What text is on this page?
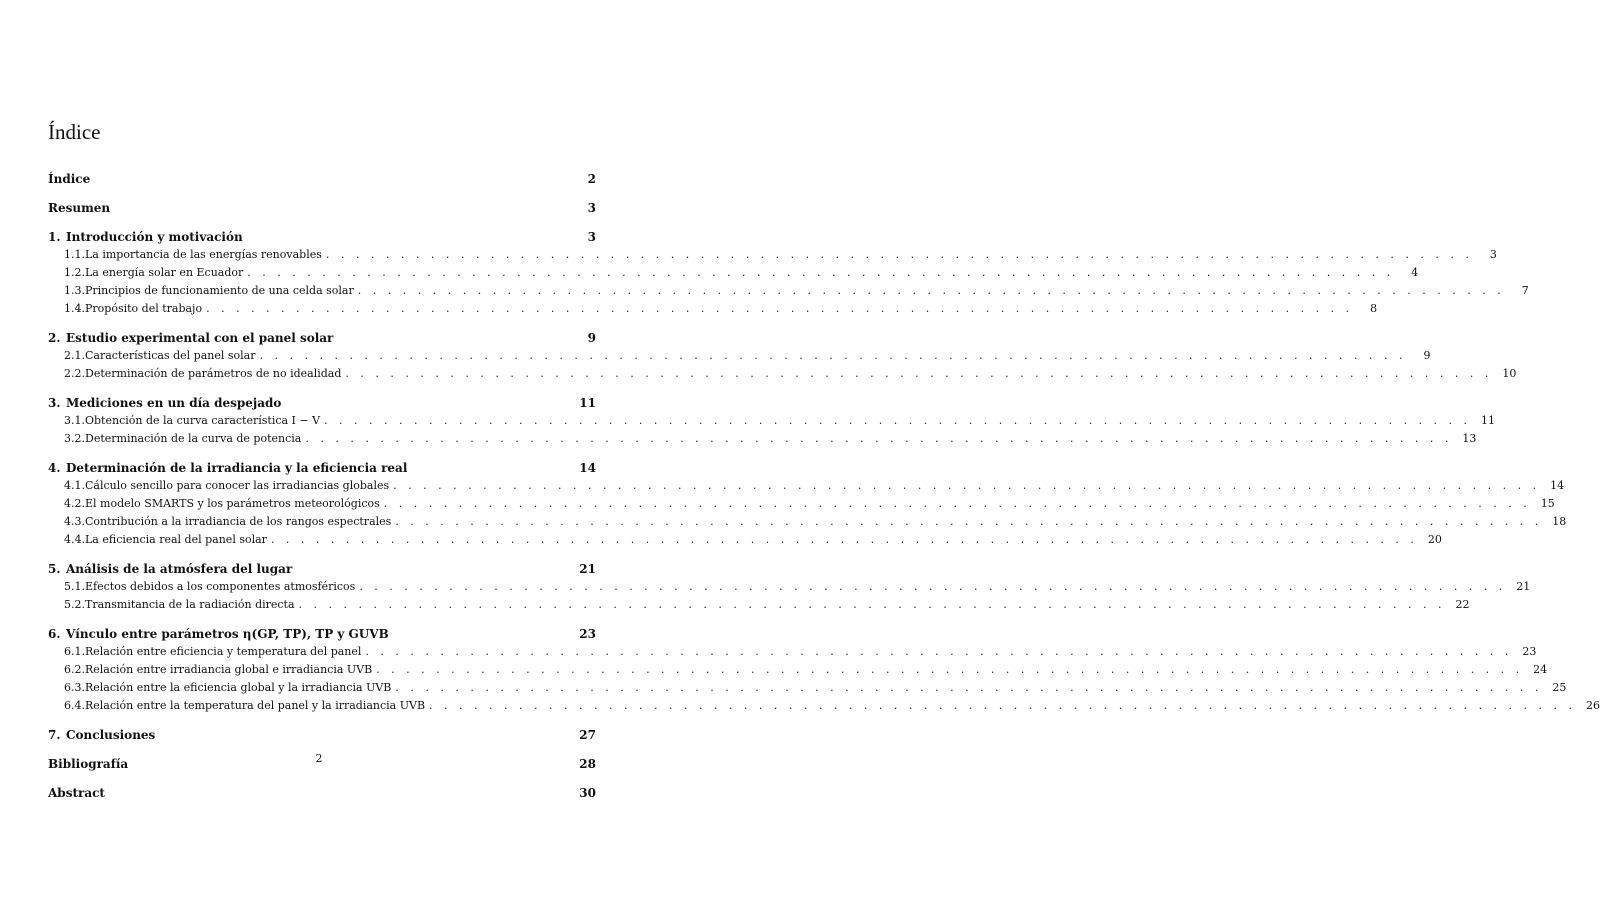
Índice
Índice	2
Resumen	3
1. Introducción y motivación	3
1.1. La importancia de las energías renovables . . . . . . . . . . . . . . . . . . . . . . . . . . . . . . . . . . . . . . . . . . . . . . . . . . . . . . . . . . . . . . . . . . . . . . . . . . . . .	3
1.2. La energía solar en Ecuador . . . . . . . . . . . . . . . . . . . . . . . . . . . . . . . . . . . . . . . . . . . . . . . . . . . . . . . . . . . . . . . . . . . . . . . . . . . . .	4
1.3. Principios de funcionamiento de una celda solar . . . . . . . . . . . . . . . . . . . . . . . . . . . . . . . . . . . . . . . . . . . . . . . . . . . . . . . . . . . . . . . . . . . . . . . . . . . . .	7
1.4. Propósito del trabajo . . . . . . . . . . . . . . . . . . . . . . . . . . . . . . . . . . . . . . . . . . . . . . . . . . . . . . . . . . . . . . . . . . . . . . . . . . . . .	8
2. Estudio experimental con el panel solar	9
2.1. Características del panel solar . . . . . . . . . . . . . . . . . . . . . . . . . . . . . . . . . . . . . . . . . . . . . . . . . . . . . . . . . . . . . . . . . . . . . . . . . . . . .	9
2.2. Determinación de parámetros de no idealidad . . . . . . . . . . . . . . . . . . . . . . . . . . . . . . . . . . . . . . . . . . . . . . . . . . . . . . . . . . . . . . . . . . . . . . . . . . . . . 10
3. Mediciones en un día despejado	11
3.1. Obtención de la curva característica I − V . . . . . . . . . . . . . . . . . . . . . . . . . . . . . . . . . . . . . . . . . . . . . . . . . . . . . . . . . . . . . . . . . . . . . . . . . . . . . 11
3.2. Determinación de la curva de potencia . . . . . . . . . . . . . . . . . . . . . . . . . . . . . . . . . . . . . . . . . . . . . . . . . . . . . . . . . . . . . . . . . . . . . . . . . . . . . 13
4. Determinación de la irradiancia y la eficiencia real	14
4.1. Cálculo sencillo para conocer las irradiancias globales . . . . . . . . . . . . . . . . . . . . . . . . . . . . . . . . . . . . . . . . . . . . . . . . . . . . . . . . . . . . . . . . . . . . . . . . . . . . . 14
4.2. El modelo SMARTS y los parámetros meteorológicos . . . . . . . . . . . . . . . . . . . . . . . . . . . . . . . . . . . . . . . . . . . . . . . . . . . . . . . . . . . . . . . . . . . . . . . . . . . . . 15
4.3. Contribución a la irradiancia de los rangos espectrales . . . . . . . . . . . . . . . . . . . . . . . . . . . . . . . . . . . . . . . . . . . . . . . . . . . . . . . . . . . . . . . . . . . . . . . . . . . . . 18
4.4. La eficiencia real del panel solar . . . . . . . . . . . . . . . . . . . . . . . . . . . . . . . . . . . . . . . . . . . . . . . . . . . . . . . . . . . . . . . . . . . . . . . . . . . . . 20
5. Análisis de la atmósfera del lugar	21
5.1. Efectos debidos a los componentes atmosféricos . . . . . . . . . . . . . . . . . . . . . . . . . . . . . . . . . . . . . . . . . . . . . . . . . . . . . . . . . . . . . . . . . . . . . . . . . . . . . 21
5.2. Transmitancia de la radiación directa . . . . . . . . . . . . . . . . . . . . . . . . . . . . . . . . . . . . . . . . . . . . . . . . . . . . . . . . . . . . . . . . . . . . . . . . . . . . . 22
6. Vínculo entre parámetros η(GP, TP), TP y GUVB	23
6.1. Relación entre eficiencia y temperatura del panel . . . . . . . . . . . . . . . . . . . . . . . . . . . . . . . . . . . . . . . . . . . . . . . . . . . . . . . . . . . . . . . . . . . . . . . . . . . . . 23
6.2. Relación entre irradiancia global e irradiancia UVB . . . . . . . . . . . . . . . . . . . . . . . . . . . . . . . . . . . . . . . . . . . . . . . . . . . . . . . . . . . . . . . . . . . . . . . . . . . . . 24
6.3. Relación entre la eficiencia global y la irradiancia UVB . . . . . . . . . . . . . . . . . . . . . . . . . . . . . . . . . . . . . . . . . . . . . . . . . . . . . . . . . . . . . . . . . . . . . . . . . . . . . 25
6.4. Relación entre la temperatura del panel y la irradiancia UVB . . . . . . . . . . . . . . . . . . . . . . . . . . . . . . . . . . . . . . . . . . . . . . . . . . . . . . . . . . . . . . . . . . . . . . . . . . . . . 26
7. Conclusiones	27
Bibliografía	28
Abstract	30
2
